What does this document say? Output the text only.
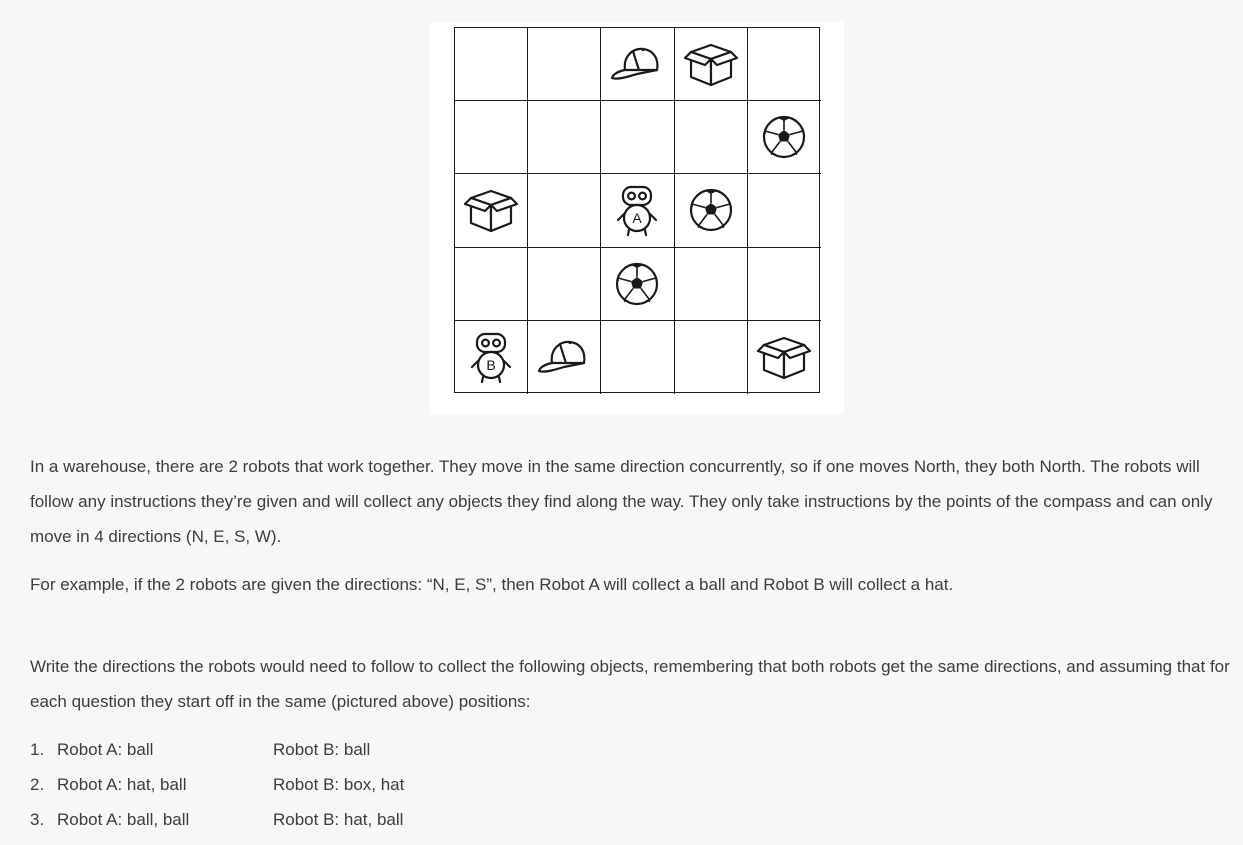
A
B
In a warehouse, there are 2 robots that work together. They move in the same direction concurrently, so if one moves North, they both North. The robots will follow any instructions they’re given and will collect any objects they find along the way. They only take instructions by the points of the compass and can only move in 4 directions (N, E, S, W).
For example, if the 2 robots are given the directions: “N, E, S”, then Robot A will collect a ball and Robot B will collect a hat.
Write the directions the robots would need to follow to collect the following objects, remembering that both robots get the same directions, and assuming that for each question they start off in the same (pictured above) positions:
1. Robot A: ball	Robot B: ball
2. Robot A: hat, ball	Robot B: box, hat
3. Robot A: ball, ball	Robot B: hat, ball
